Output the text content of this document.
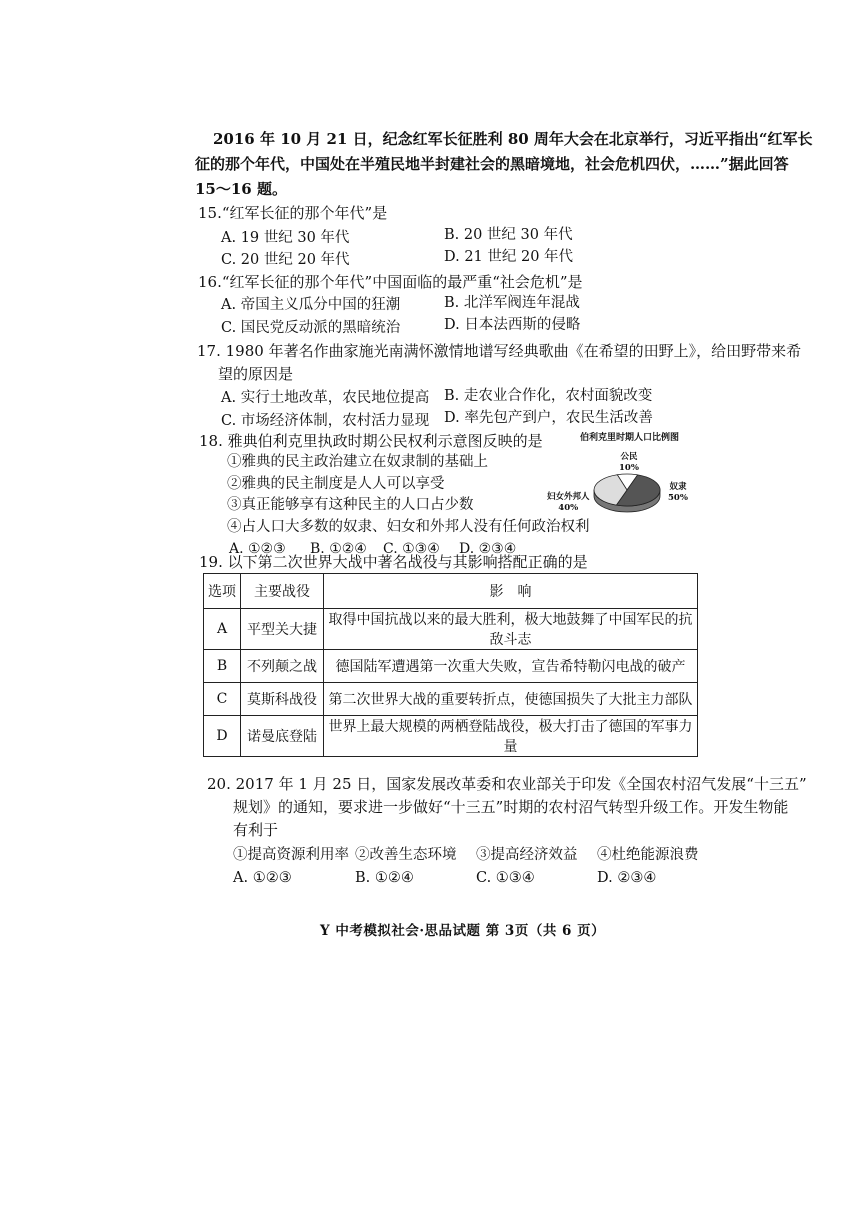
2016 年 10 月 21 日，纪念红军长征胜利 80 周年大会在北京举行，习近平指出“红军长
征的那个年代，中国处在半殖民地半封建社会的黑暗境地，社会危机四伏，……”据此回答
15～16 题。
15.“红军长征的那个年代”是
A. 19 世纪 30 年代	B. 20 世纪 30 年代
C. 20 世纪 20 年代	D. 21 世纪 20 年代
16.“红军长征的那个年代”中国面临的最严重“社会危机”是
A. 帝国主义瓜分中国的狂潮	B. 北洋军阀连年混战
C. 国民党反动派的黑暗统治	D. 日本法西斯的侵略
17. 1980 年著名作曲家施光南满怀激情地谱写经典歌曲《在希望的田野上》，给田野带来希
望的原因是
A. 实行土地改革，农民地位提高 B. 走农业合作化，农村面貌改变
C. 市场经济体制，农村活力显现 D. 率先包产到户，农民生活改善
18. 雅典伯利克里执政时期公民权利示意图反映的是
①雅典的民主政治建立在奴隶制的基础上
②雅典的民主制度是人人可以享受
③真正能够享有这种民主的人口占少数
④占人口大多数的奴隶、妇女和外邦人没有任何政治权利
A. ①②③ B. ①②④ C. ①③④ D. ②③④
伯利克里时期人口比例图
公民
10%
奴隶
50%
妇女外邦人
40%
19. 以下第二次世界大战中著名战役与其影响搭配正确的是
选项	主要战役	影　响
A	平型关大捷	取得中国抗战以来的最大胜利，极大地鼓舞了中国军民的抗敌斗志
B	不列颠之战	德国陆军遭遇第一次重大失败，宣告希特勒闪电战的破产
C	莫斯科战役	第二次世界大战的重要转折点，使德国损失了大批主力部队
D	诺曼底登陆	世界上最大规模的两栖登陆战役，极大打击了德国的军事力量
20. 2017 年 1 月 25 日，国家发展改革委和农业部关于印发《全国农村沼气发展“十三五”
规划》的通知，要求进一步做好“十三五”时期的农村沼气转型升级工作。开发生物能
有利于
①提高资源利用率 ②改善生态环境 ③提高经济效益 ④杜绝能源浪费
A. ①②③	B. ①②④	C. ①③④	D. ②③④
Y 中考模拟社会·思品试题 第 3页（共 6 页）
